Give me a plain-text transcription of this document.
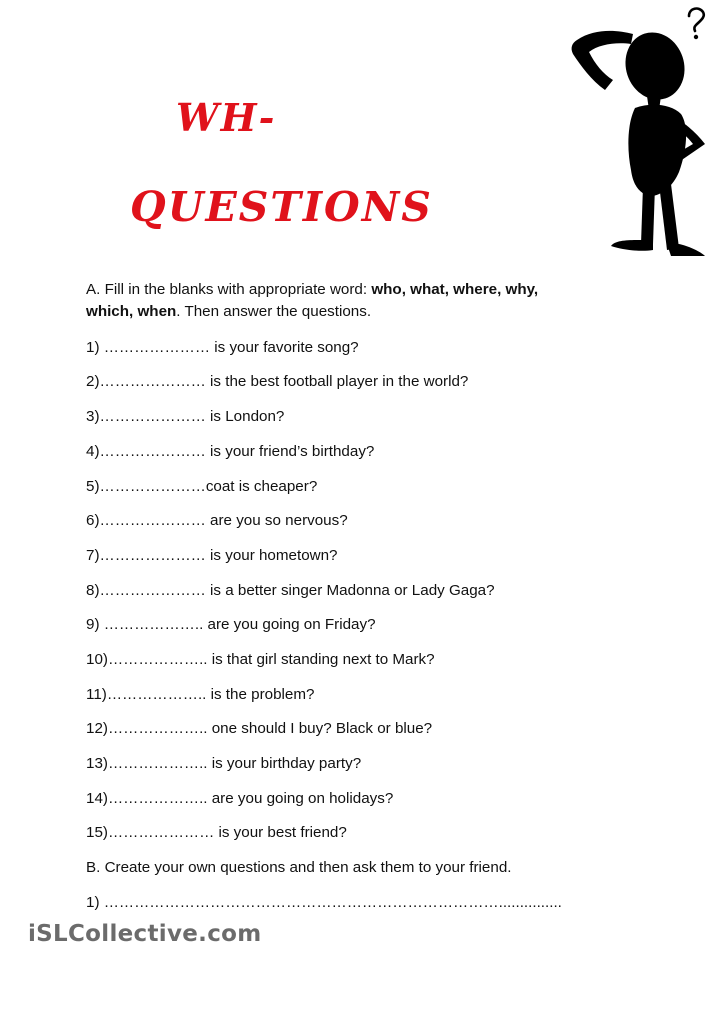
WH-
QUESTIONS

A. Fill in the blanks with appropriate word: who, what, where, why,
which, when. Then answer the questions.

1) ………………… is your favorite song?

2)………………… is the best football player in the world?

3)………………… is London?

4)………………… is your friend’s birthday?

5)…………………coat is cheaper?

6)………………… are you so nervous?

7)………………… is your hometown?

8)………………… is a better singer Madonna or Lady Gaga?

9) ……………….. are you going on Friday?

10)……………….. is that girl standing next to Mark?

11)……………….. is the problem?

12)……………….. one should I buy? Black or blue?

13)……………….. is your birthday party?

14)……………….. are you going on holidays?

15)………………… is your best friend?

B. Create your own questions and then ask them to your friend.

1) ……………………………………………………………………...............

iSLCollective.com
